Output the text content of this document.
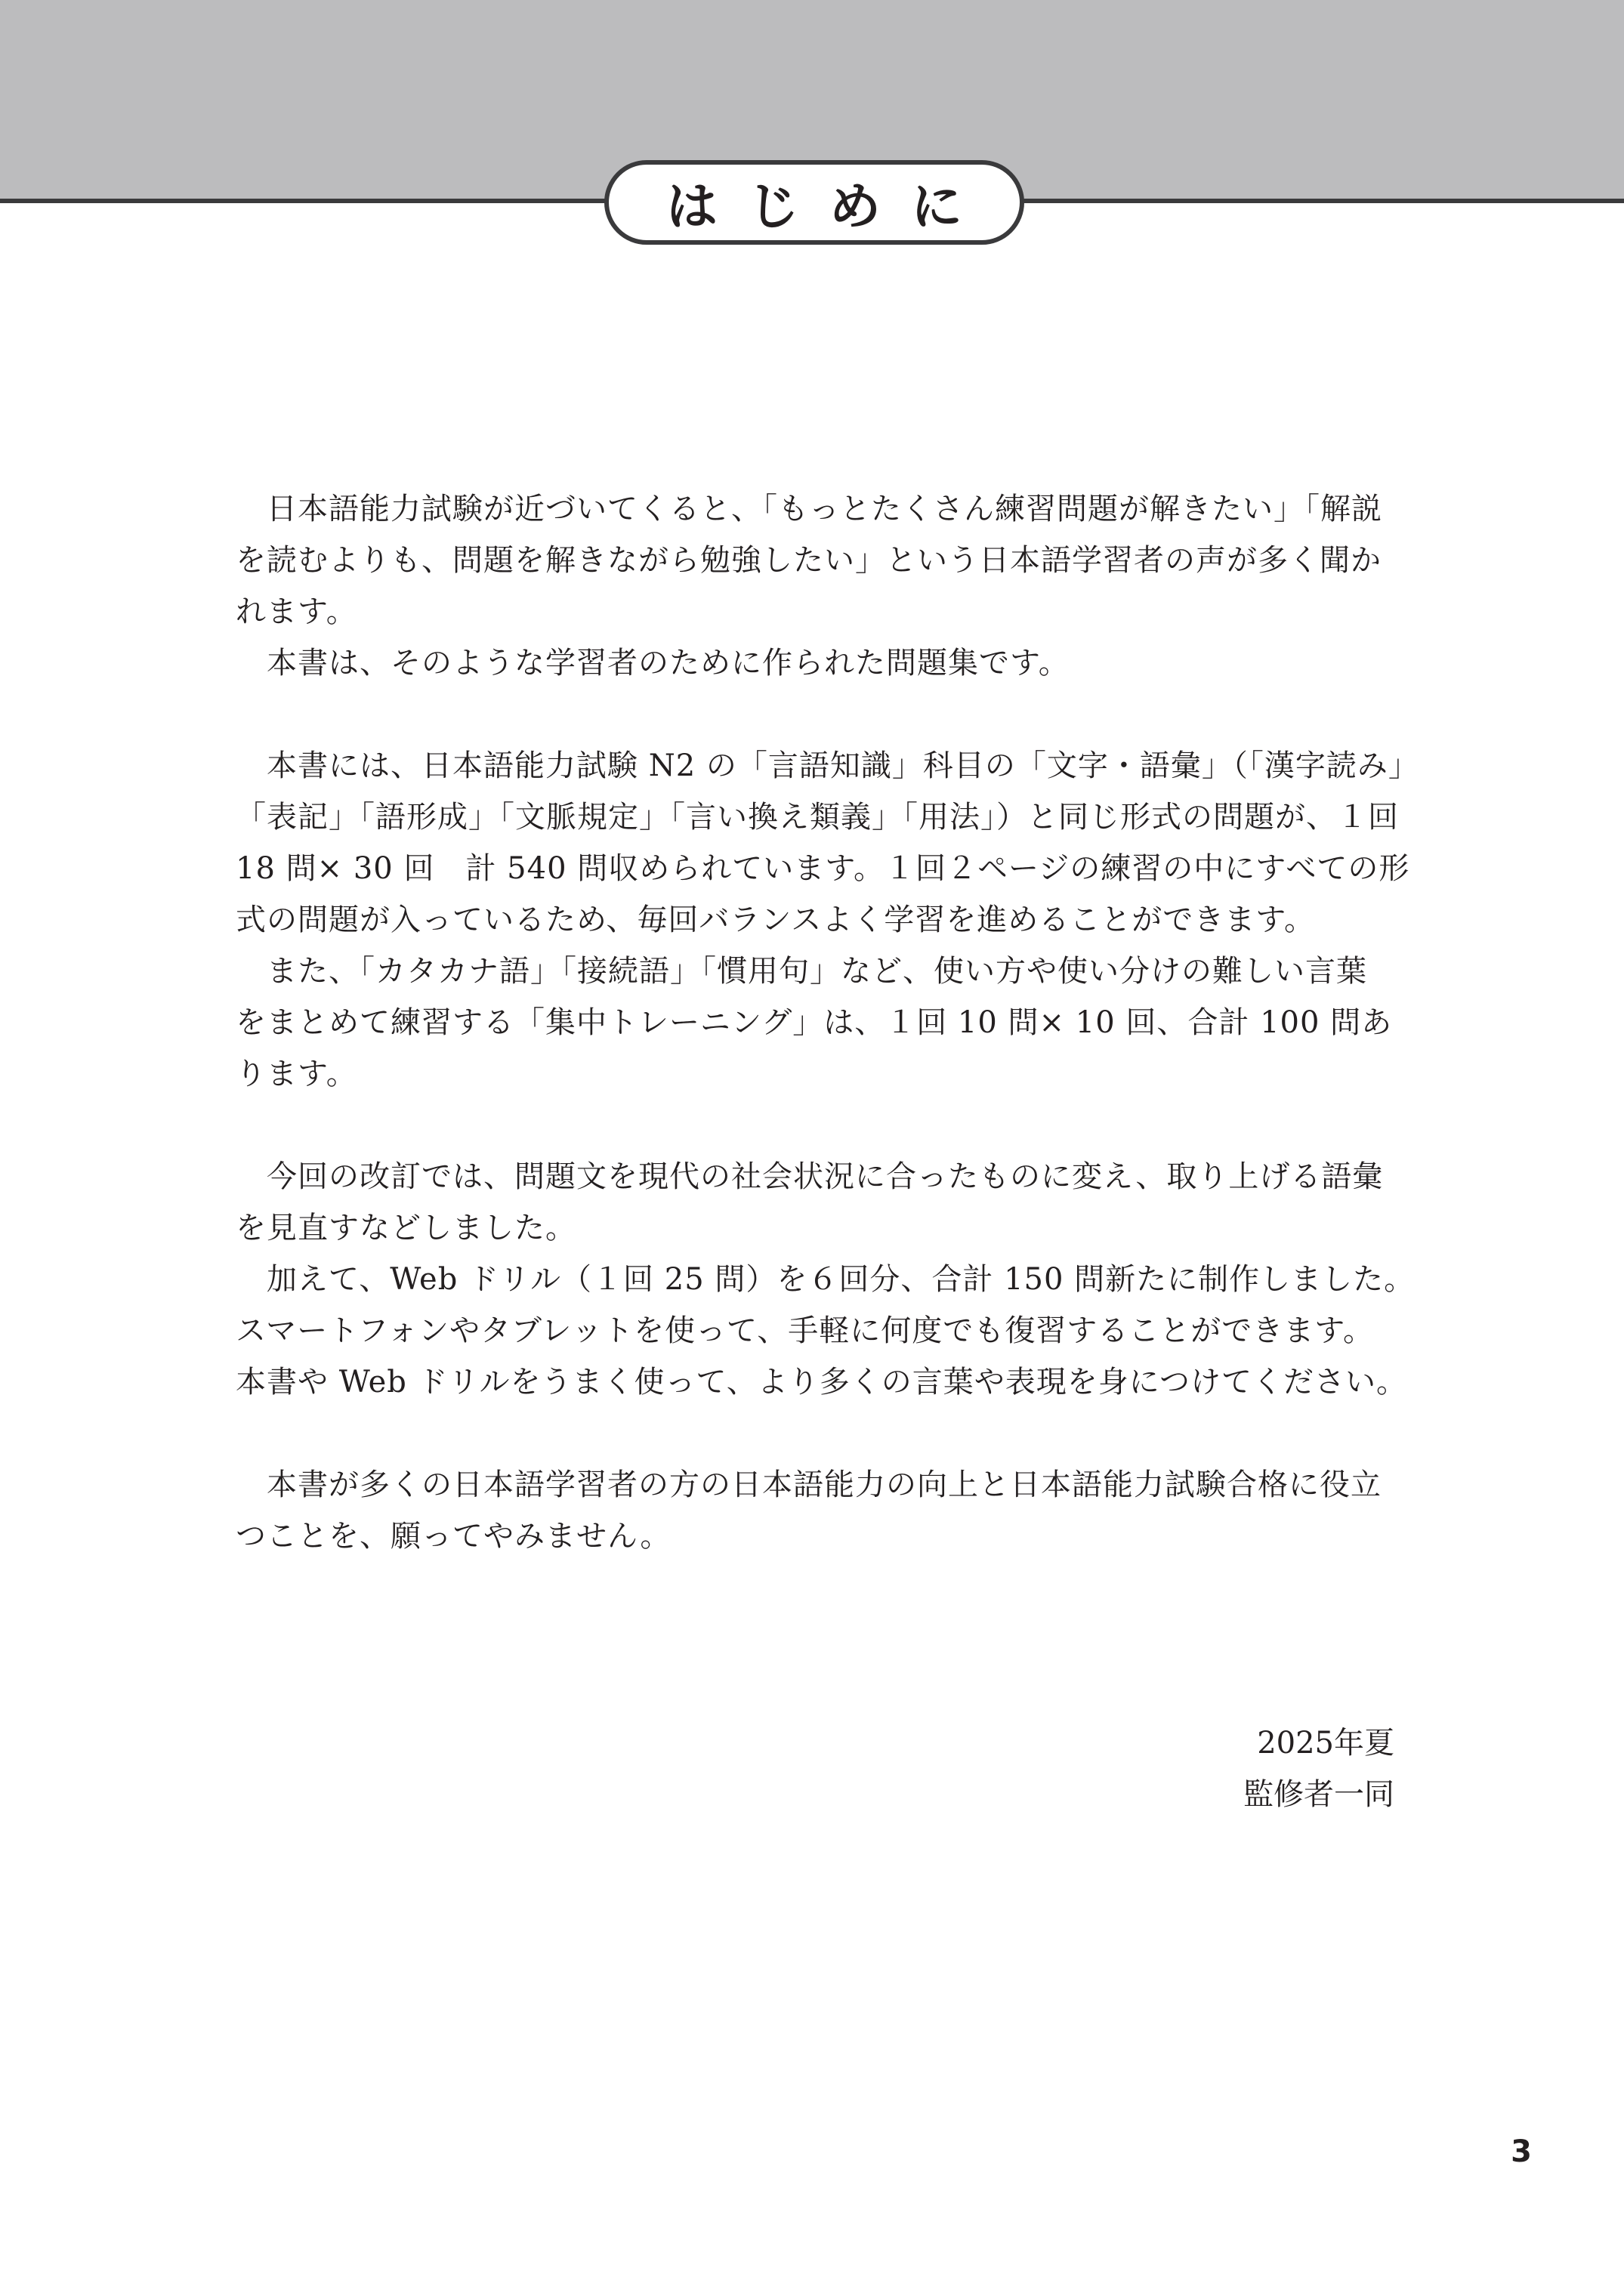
はじめに
　日本語能力試験が近づいてくると、「もっとたくさん練習問題が解きたい」「解説
を読むよりも、問題を解きながら勉強したい」という日本語学習者の声が多く聞か
れます。
　本書は、そのような学習者のために作られた問題集です。
　本書には、日本語能力試験 N2 の「言語知識」科目の「文字・語彙」（「漢字読み」
「表記」「語形成」「文脈規定」「言い換え類義」「用法」）と同じ形式の問題が、１回
18 問× 30 回　計 540 問収められています。１回２ページの練習の中にすべての形
式の問題が入っているため、毎回バランスよく学習を進めることができます。
　また、「カタカナ語」「接続語」「慣用句」など、使い方や使い分けの難しい言葉
をまとめて練習する「集中トレーニング」は、１回 10 問× 10 回、合計 100 問あ
ります。
　今回の改訂では、問題文を現代の社会状況に合ったものに変え、取り上げる語彙
を見直すなどしました。
　加えて、Web ドリル（１回 25 問）を６回分、合計 150 問新たに制作しました。
スマートフォンやタブレットを使って、手軽に何度でも復習することができます。
本書や Web ドリルをうまく使って、より多くの言葉や表現を身につけてください。
　本書が多くの日本語学習者の方の日本語能力の向上と日本語能力試験合格に役立
つことを、願ってやみません。
2025年夏
監修者一同
3
